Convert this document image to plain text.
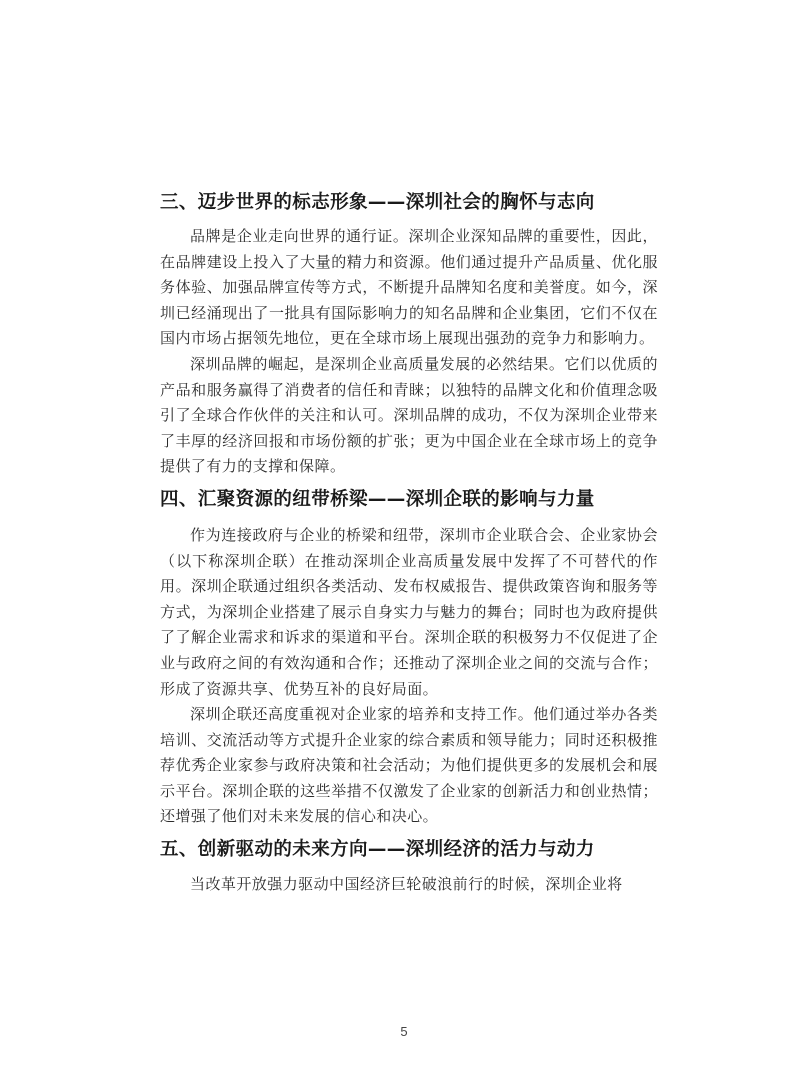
三、迈步世界的标志形象——深圳社会的胸怀与志向

品牌是企业走向世界的通行证。深圳企业深知品牌的重要性，因此，在品牌建设上投入了大量的精力和资源。他们通过提升产品质量、优化服务体验、加强品牌宣传等方式，不断提升品牌知名度和美誉度。如今，深圳已经涌现出了一批具有国际影响力的知名品牌和企业集团，它们不仅在国内市场占据领先地位，更在全球市场上展现出强劲的竞争力和影响力。

深圳品牌的崛起，是深圳企业高质量发展的必然结果。它们以优质的产品和服务赢得了消费者的信任和青睐；以独特的品牌文化和价值理念吸引了全球合作伙伴的关注和认可。深圳品牌的成功，不仅为深圳企业带来了丰厚的经济回报和市场份额的扩张；更为中国企业在全球市场上的竞争提供了有力的支撑和保障。

四、汇聚资源的纽带桥梁——深圳企联的影响与力量

作为连接政府与企业的桥梁和纽带，深圳市企业联合会、企业家协会（以下称深圳企联）在推动深圳企业高质量发展中发挥了不可替代的作用。深圳企联通过组织各类活动、发布权威报告、提供政策咨询和服务等方式，为深圳企业搭建了展示自身实力与魅力的舞台；同时也为政府提供了了解企业需求和诉求的渠道和平台。深圳企联的积极努力不仅促进了企业与政府之间的有效沟通和合作；还推动了深圳企业之间的交流与合作；形成了资源共享、优势互补的良好局面。

深圳企联还高度重视对企业家的培养和支持工作。他们通过举办各类培训、交流活动等方式提升企业家的综合素质和领导能力；同时还积极推荐优秀企业家参与政府决策和社会活动；为他们提供更多的发展机会和展示平台。深圳企联的这些举措不仅激发了企业家的创新活力和创业热情；还增强了他们对未来发展的信心和决心。

五、创新驱动的未来方向——深圳经济的活力与动力

当改革开放强力驱动中国经济巨轮破浪前行的时候，深圳企业将

5
